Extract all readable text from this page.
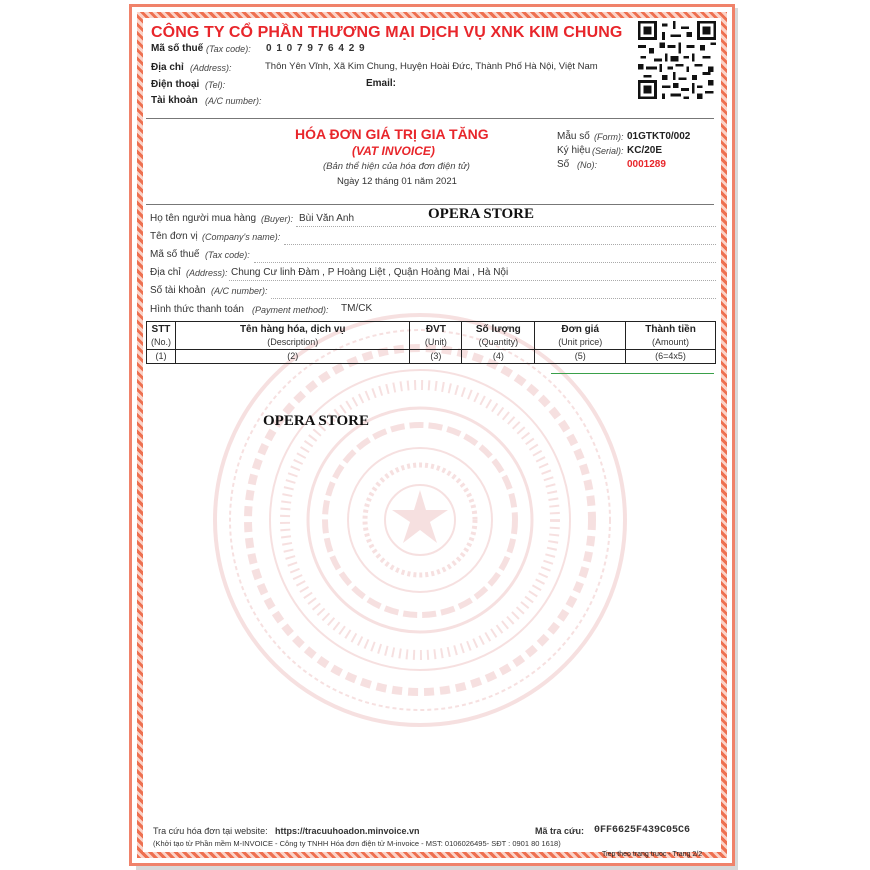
CÔNG TY CỔ PHẦN THƯƠNG MẠI DỊCH VỤ XNK KIM CHUNG
Mã số thuế (Tax code): 0 1 0 7 9 7 6 4 2 9
Địa chỉ (Address):	Thôn Yên Vĩnh, Xã Kim Chung, Huyện Hoài Đức, Thành Phố Hà Nội, Việt Nam
Điện thoại (Tel):	Email:
Tài khoản (A/C number):
HÓA ĐƠN GIÁ TRỊ GIA TĂNG
(VAT INVOICE)
(Bản thể hiện của hóa đơn điện tử)
Ngày 12 tháng 01 năm 2021
Mẫu số (Form): 01GTKT0/002
Ký hiệu (Serial): KC/20E
Số (No):	0001289
Họ tên người mua hàng (Buyer): Bùi Văn Anh
Tên đơn vị (Company's name):
Mã số thuế (Tax code):
Địa chỉ (Address): Chung Cư linh Đàm , P Hoàng Liệt , Quận Hoàng Mai , Hà Nội
Số tài khoản (A/C number):
Hình thức thanh toán (Payment method): TM/CK
STT	Tên hàng hóa, dịch vụ	ĐVT	Số lượng	Đơn giá	Thành tiền
(No.)	(Description)	(Unit)	(Quantity)	(Unit price)	(Amount)
(1)	(2)	(3)	(4)	(5)	(6=4x5)
OPERA STORE
OPERA STORE
Tra cứu hóa đơn tại website: https://tracuuhoadon.minvoice.vn	Mã tra cứu: 0FF6625F439C05C6
(Khởi tạo từ Phần mềm M-INVOICE - Công ty TNHH Hóa đơn điện tử M-invoice - MST: 0106026495- SĐT : 0901 80 1618)
Tiep theo trang truoc - Trang 2/2
